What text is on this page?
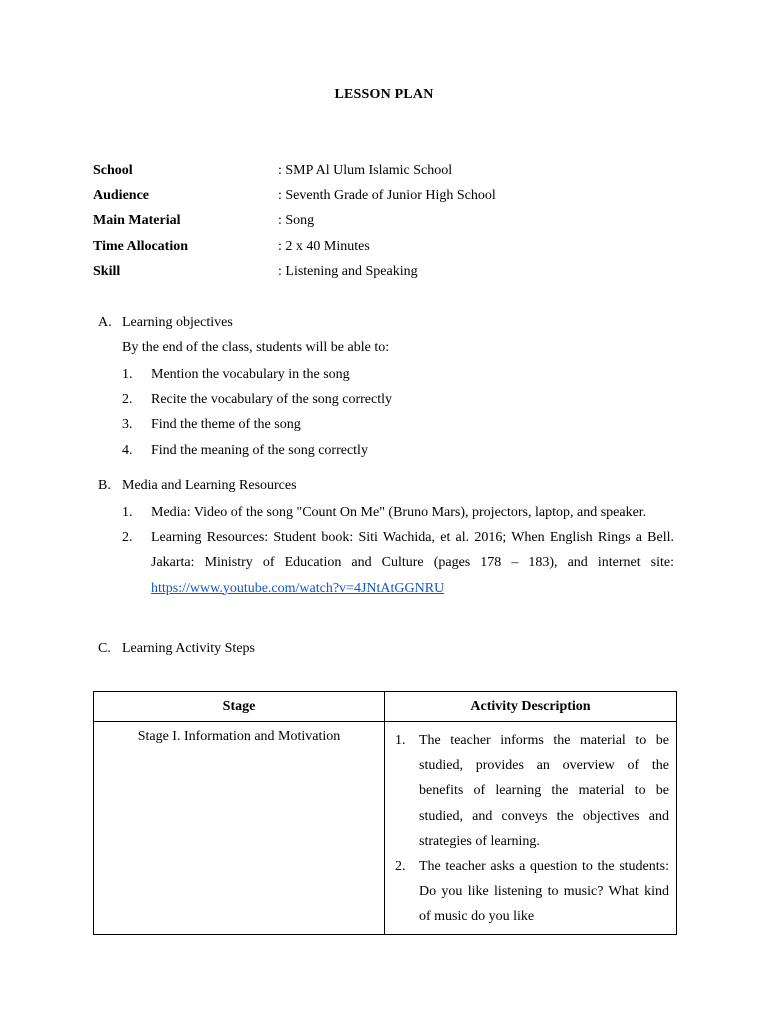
LESSON PLAN
School	: SMP Al Ulum Islamic School
Audience	: Seventh Grade of Junior High School
Main Material	: Song
Time Allocation	: 2 x 40 Minutes
Skill	: Listening and Speaking
A. Learning objectives
By the end of the class, students will be able to:
1.	Mention the vocabulary in the song
2.	Recite the vocabulary of the song correctly
3.	Find the theme of the song
4.	Find the meaning of the song correctly
B. Media and Learning Resources
1.	Media: Video of the song "Count On Me" (Bruno Mars), projectors, laptop, and speaker.
2.	Learning Resources: Student book: Siti Wachida, et al. 2016; When English Rings a Bell. Jakarta: Ministry of Education and Culture (pages 178 – 183), and internet site: https://www.youtube.com/watch?v=4JNtAtGGNRU
C. Learning Activity Steps
Stage	Activity Description
Stage I. Information and Motivation	1. The teacher informs the material to be studied, provides an overview of the benefits of learning the material to be studied, and conveys the objectives and strategies of learning.
2. The teacher asks a question to the students: Do you like listening to music? What kind of music do you like
